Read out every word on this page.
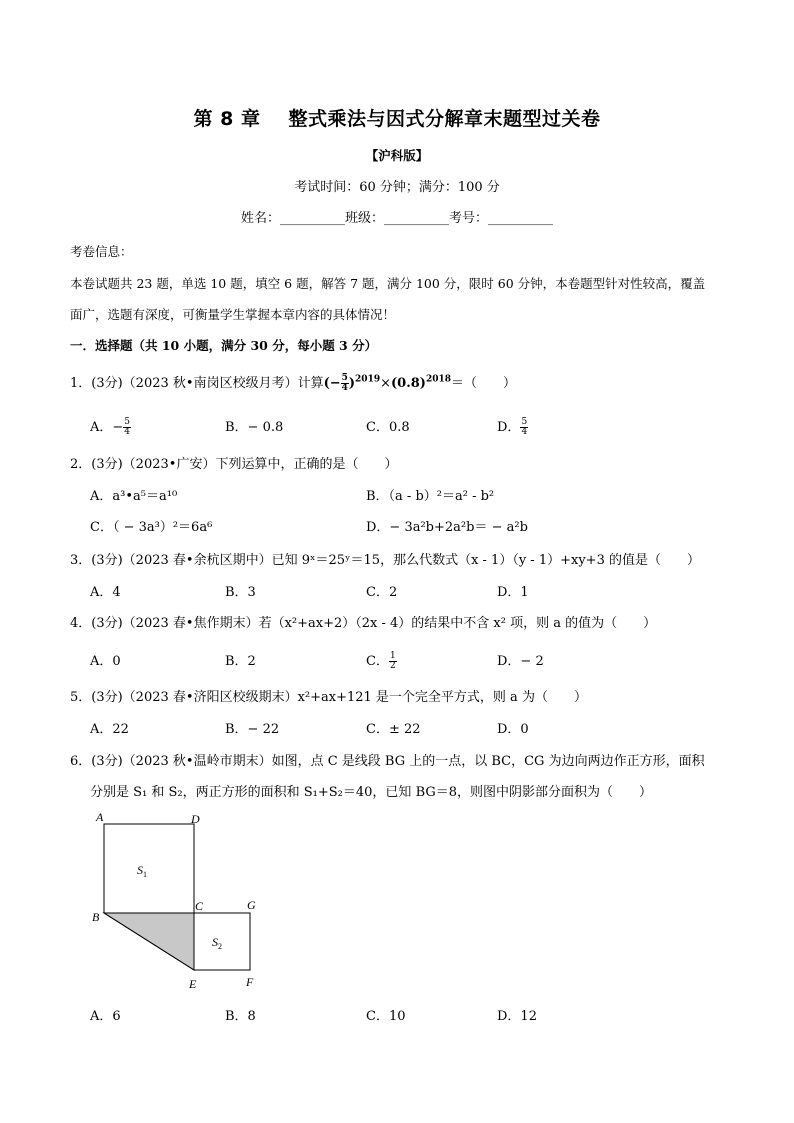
第 8 章 整式乘法与因式分解章末题型过关卷
【沪科版】
考试时间：60 分钟；满分：100 分
姓名：__________班级：__________考号：__________
考卷信息：
本卷试题共 23 题，单选 10 题，填空 6 题，解答 7 题，满分 100 分，限时 60 分钟，本卷题型针对性较高，覆盖
面广，选题有深度，可衡量学生掌握本章内容的具体情况！
一．选择题（共 10 小题，满分 30 分，每小题 3 分）
1．(3分)（2023 秋•南岗区校级月考）计算(− $\frac{5}{4} )^{2019}\times(0.8)^{2018}=$（　　）
A．− $\frac{5}{4}$	B．− 0.8	C．0.8	D． $\frac{5}{4}$
2．(3分)（2023•广安）下列运算中，正确的是（　　）
A．a³•a⁵＝a¹⁰	B．（a - b）²＝a² - b²
C．（ − 3a³）²＝6a⁶	D．− 3a²b+2a²b＝ − a²b
3．(3分)（2023 春•余杭区期中）已知 9ˣ＝25ʸ＝15，那么代数式（x - 1）（y - 1）+xy+3 的值是（　　）
A．4	B．3	C．2	D．1
4．(3分)（2023 春•焦作期末）若（x²+ax+2）（2x - 4）的结果中不含 x² 项，则 a 的值为（　　）
A．0	B．2	C． $\frac{1}{2}$	D．− 2
5．(3分)（2023 春•济阳区校级期末）x²+ax+121 是一个完全平方式，则 a 为（　　）
A．22	B．− 22	C．± 22	D．0
6．(3分)（2023 秋•温岭市期末）如图，点 C 是线段 BG 上的一点，以 BC，CG 为边向两边作正方形，面积
分别是 S₁ 和 S₂，两正方形的面积和 S₁+S₂＝40，已知 BG＝8，则图中阴影部分面积为（　　）
A	D
B
C	G
E	F
$S_1$
$S_2$
A．6	B．8	C．10	D．12
